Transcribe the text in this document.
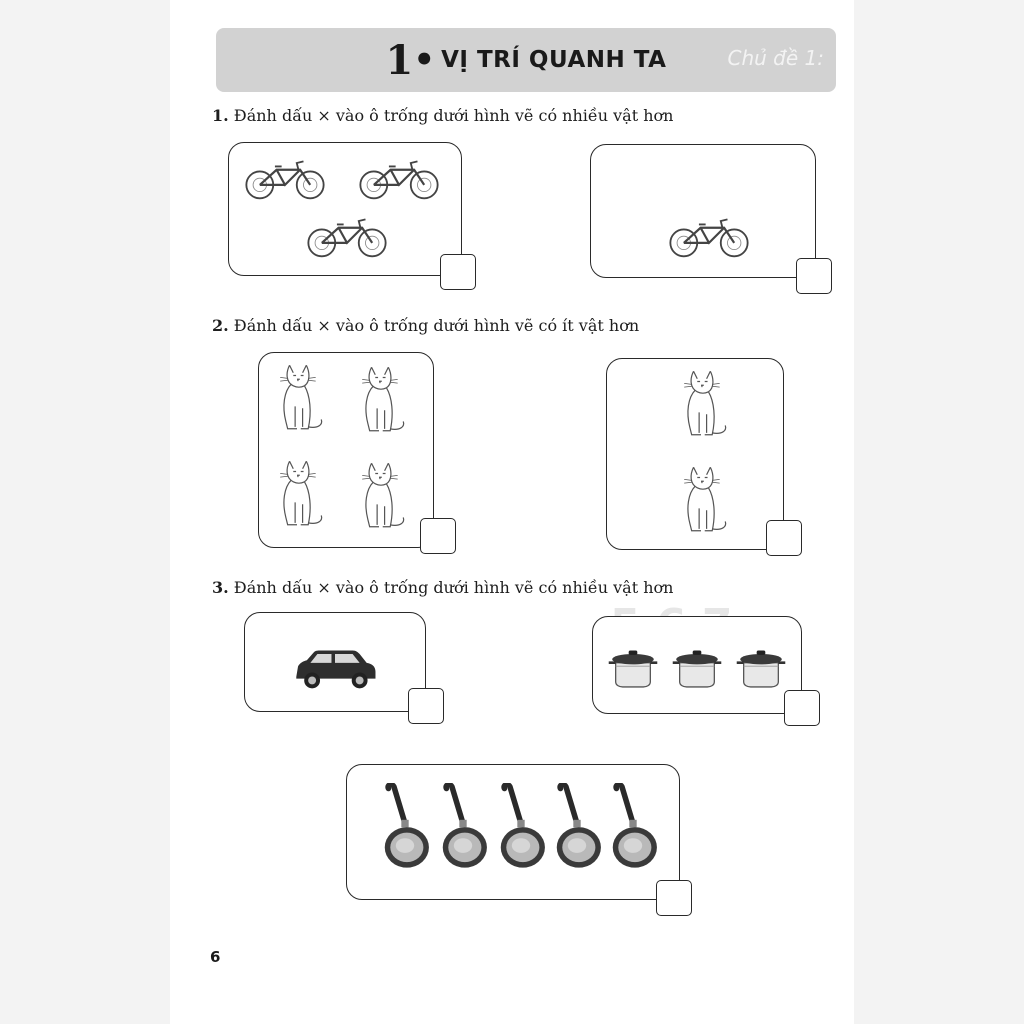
1 • VỊ TRÍ QUANH TA	Chủ đề 1:
1. Đánh dấu × vào ô trống dưới hình vẽ có nhiều vật hơn
2. Đánh dấu × vào ô trống dưới hình vẽ có ít vật hơn
3. Đánh dấu × vào ô trống dưới hình vẽ có nhiều vật hơn
6
